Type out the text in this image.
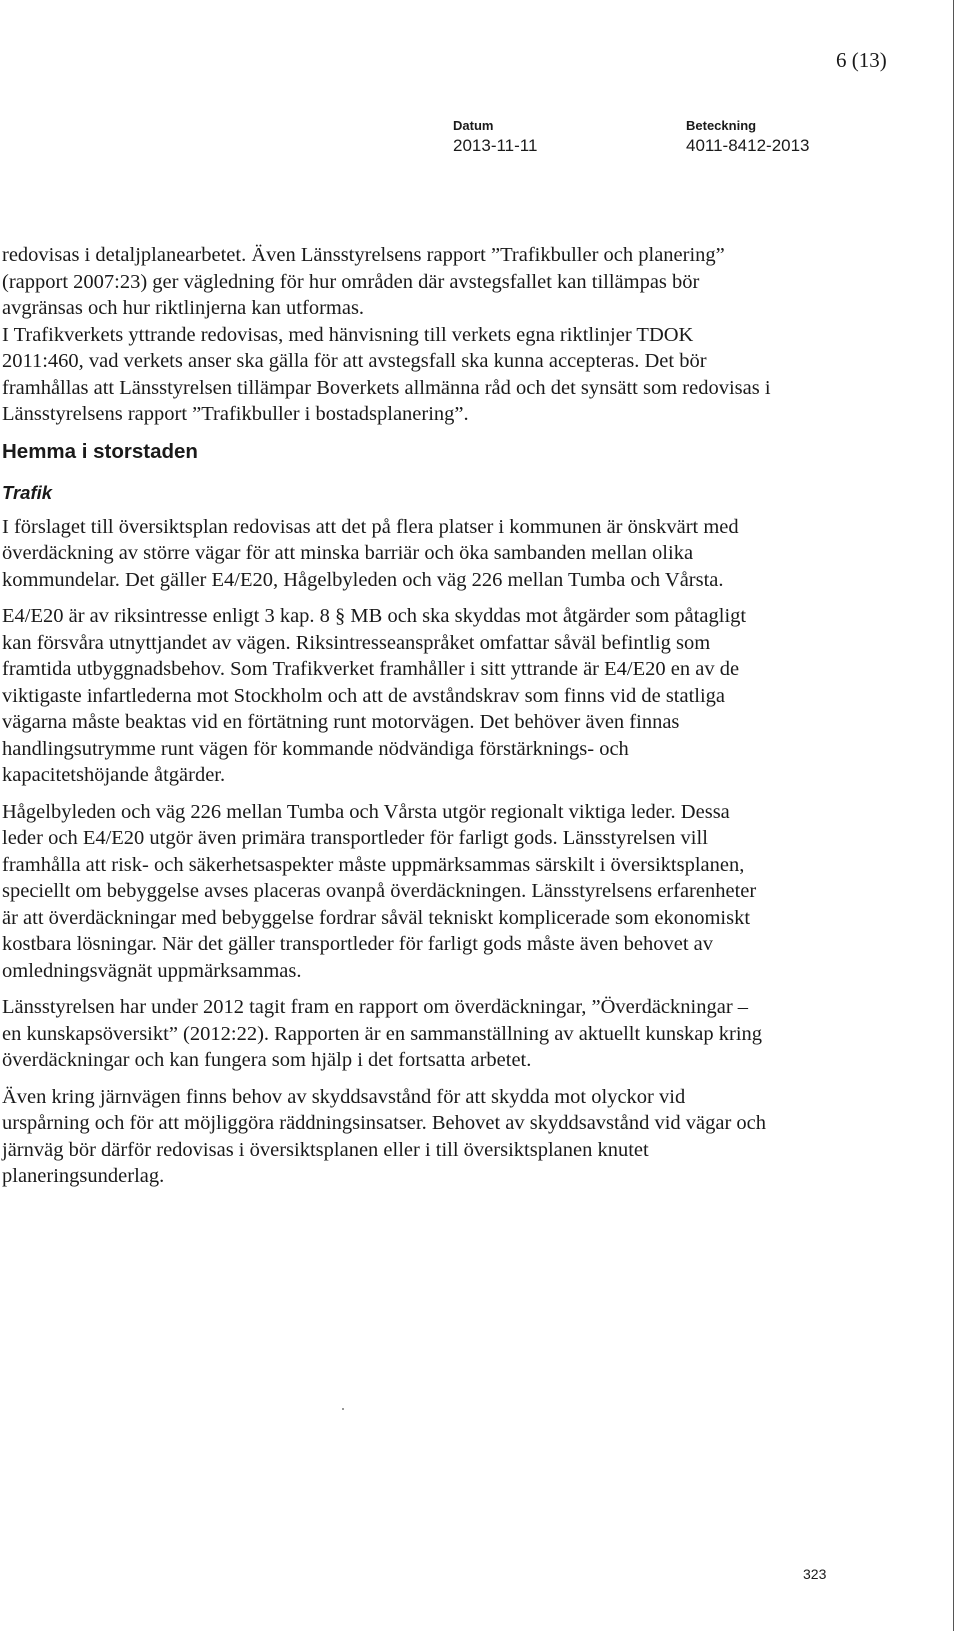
6 (13)
Datum
2013-11-11
Beteckning
4011-8412-2013

redovisas i detaljplanearbetet. Även Länsstyrelsens rapport ”Trafikbuller och planering” (rapport 2007:23) ger vägledning för hur områden där avstegsfallet kan tillämpas bör avgränsas och hur riktlinjerna kan utformas.

I Trafikverkets yttrande redovisas, med hänvisning till verkets egna riktlinjer TDOK 2011:460, vad verkets anser ska gälla för att avstegsfall ska kunna accepteras. Det bör framhållas att Länsstyrelsen tillämpar Boverkets allmänna råd och det synsätt som redovisas i Länsstyrelsens rapport ”Trafikbuller i bostadsplanering”.

Hemma i storstaden
Trafik

I förslaget till översiktsplan redovisas att det på flera platser i kommunen är önskvärt med överdäckning av större vägar för att minska barriär och öka sambanden mellan olika kommundelar. Det gäller E4/E20, Hågelbyleden och väg 226 mellan Tumba och Vårsta.

E4/E20 är av riksintresse enligt 3 kap. 8 § MB och ska skyddas mot åtgärder som påtagligt kan försvåra utnyttjandet av vägen. Riksintresseanspråket omfattar såväl befintlig som framtida utbyggnadsbehov. Som Trafikverket framhåller i sitt yttrande är E4/E20 en av de viktigaste infartlederna mot Stockholm och att de avståndskrav som finns vid de statliga vägarna måste beaktas vid en förtätning runt motorvägen. Det behöver även finnas handlingsutrymme runt vägen för kommande nödvändiga förstärknings- och kapacitetshöjande åtgärder.

Hågelbyleden och väg 226 mellan Tumba och Vårsta utgör regionalt viktiga leder. Dessa leder och E4/E20 utgör även primära transportleder för farligt gods. Länsstyrelsen vill framhålla att risk- och säkerhetsaspekter måste uppmärksammas särskilt i översiktsplanen, speciellt om bebyggelse avses placeras ovanpå överdäckningen. Länsstyrelsens erfarenheter är att överdäckningar med bebyggelse fordrar såväl tekniskt komplicerade som ekonomiskt kostbara lösningar. När det gäller transportleder för farligt gods måste även behovet av omledningsvägnät uppmärksammas.

Länsstyrelsen har under 2012 tagit fram en rapport om överdäckningar, ”Överdäckningar – en kunskapsöversikt” (2012:22). Rapporten är en sammanställning av aktuellt kunskap kring överdäckningar och kan fungera som hjälp i det fortsatta arbetet.

Även kring järnvägen finns behov av skyddsavstånd för att skydda mot olyckor vid urspårning och för att möjliggöra räddningsinsatser. Behovet av skyddsavstånd vid vägar och järnväg bör därför redovisas i översiktsplanen eller i till översiktsplanen knutet planeringsunderlag.

323
